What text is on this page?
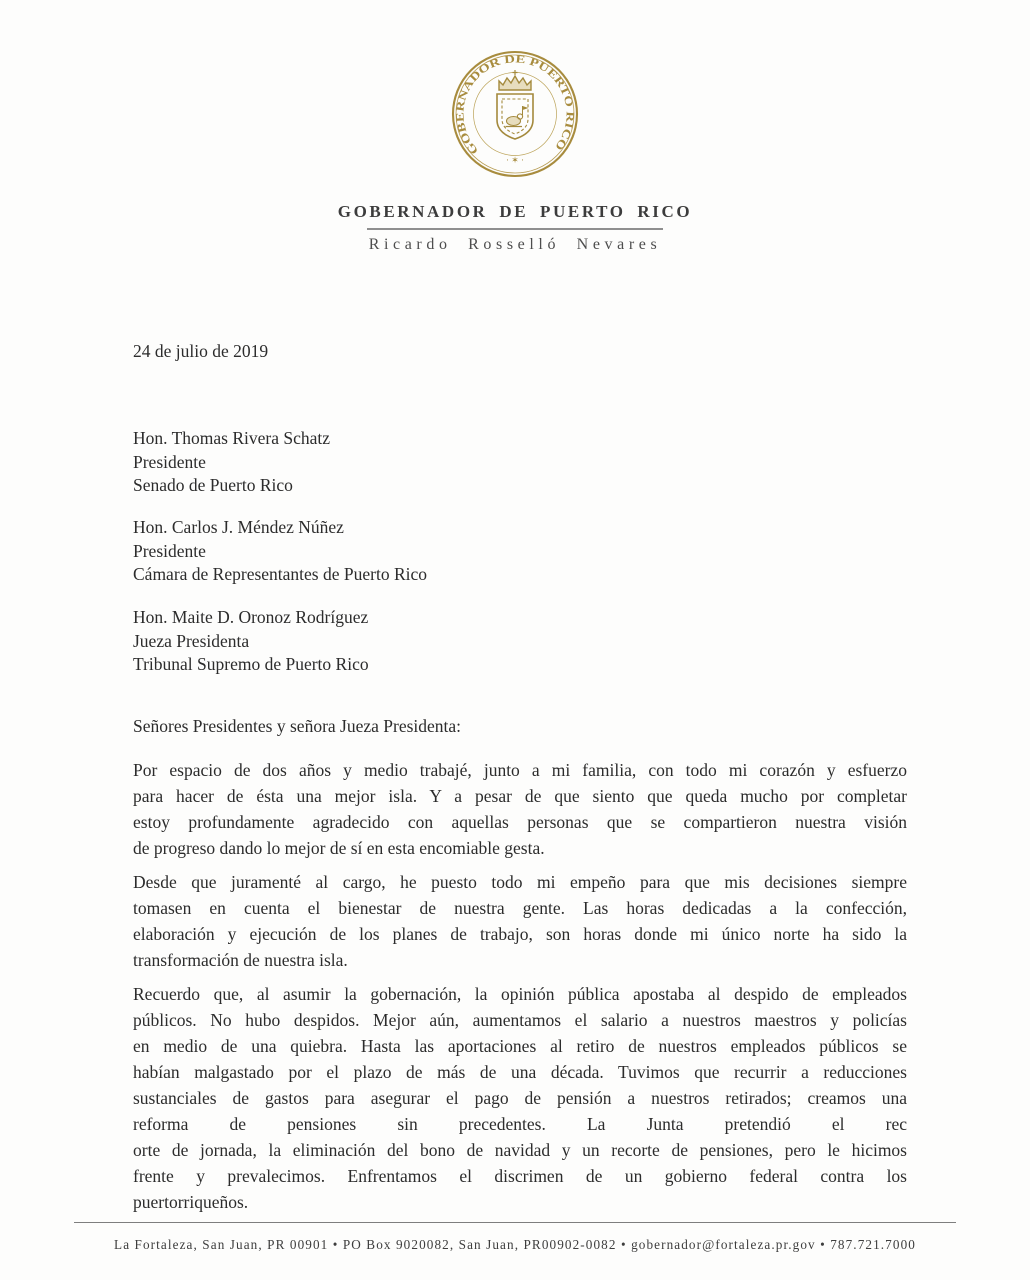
GOBERNADOR DE PUERTO RICO
· ✶ ·
GOBERNADOR DE PUERTO RICO
Ricardo Rosselló Nevares
24 de julio de 2019
Hon. Thomas Rivera Schatz
Presidente
Senado de Puerto Rico
Hon. Carlos J. Méndez Núñez
Presidente
Cámara de Representantes de Puerto Rico
Hon. Maite D. Oronoz Rodríguez
Jueza Presidenta
Tribunal Supremo de Puerto Rico
Señores Presidentes y señora Jueza Presidenta:
Por espacio de dos años y medio trabajé, junto a mi familia, con todo mi corazón y esfuerzo
para hacer de ésta una mejor isla. Y a pesar de que siento que queda mucho por completar
estoy profundamente agradecido con aquellas personas que se compartieron nuestra visión
de progreso dando lo mejor de sí en esta encomiable gesta.
Desde que juramenté al cargo, he puesto todo mi empeño para que mis decisiones siempre
tomasen en cuenta el bienestar de nuestra gente. Las horas dedicadas a la confección,
elaboración y ejecución de los planes de trabajo, son horas donde mi único norte ha sido la
transformación de nuestra isla.
Recuerdo que, al asumir la gobernación, la opinión pública apostaba al despido de empleados
públicos. No hubo despidos. Mejor aún, aumentamos el salario a nuestros maestros y policías
en medio de una quiebra. Hasta las aportaciones al retiro de nuestros empleados públicos se
habían malgastado por el plazo de más de una década. Tuvimos que recurrir a reducciones
sustanciales de gastos para asegurar el pago de pensión a nuestros retirados; creamos una
reforma de pensiones sin precedentes. La Junta pretendió el rec
orte de jornada, la eliminación del bono de navidad y un recorte de pensiones, pero le hicimos
frente y prevalecimos. Enfrentamos el discrimen de un gobierno federal contra los
puertorriqueños.
La Fortaleza, San Juan, PR 00901 • PO Box 9020082, San Juan, PR00902-0082 • gobernador@fortaleza.pr.gov • 787.721.7000
